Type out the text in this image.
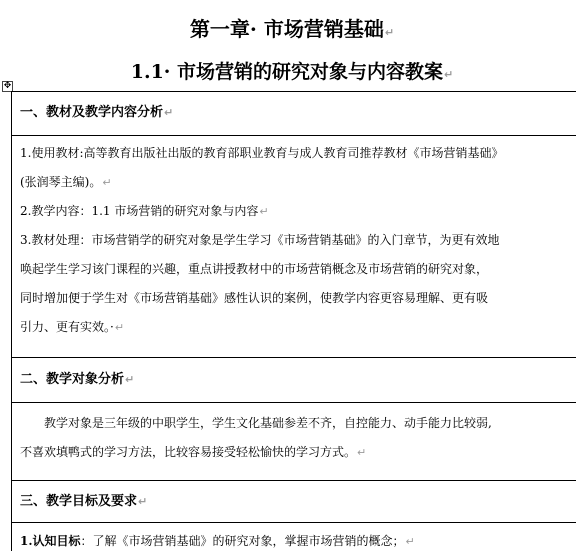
第一章· 市场营销基础↵
1.1· 市场营销的研究对象与内容教案↵
✥
一、教材及教学内容分析↵

1.使用教材:高等教育出版社出版的教育部职业教育与成人教育司推荐教材《市场营销基础》

(张润琴主编)。↵

2.教学内容：1.1 市场营销的研究对象与内容↵

3.教材处理：市场营销学的研究对象是学生学习《市场营销基础》的入门章节，为更有效地

唤起学生学习该门课程的兴趣，重点讲授教材中的市场营销概念及市场营销的研究对象，

同时增加便于学生对《市场营销基础》感性认识的案例，使教学内容更容易理解、更有吸

引力、更有实效。·↵

二、教学对象分析↵

教学对象是三年级的中职学生，学生文化基础参差不齐，自控能力、动手能力比较弱,

不喜欢填鸭式的学习方法，比较容易接受轻松愉快的学习方式。↵

三、教学目标及要求↵

1.认知目标：了解《市场营销基础》的研究对象，掌握市场营销的概念；↵
